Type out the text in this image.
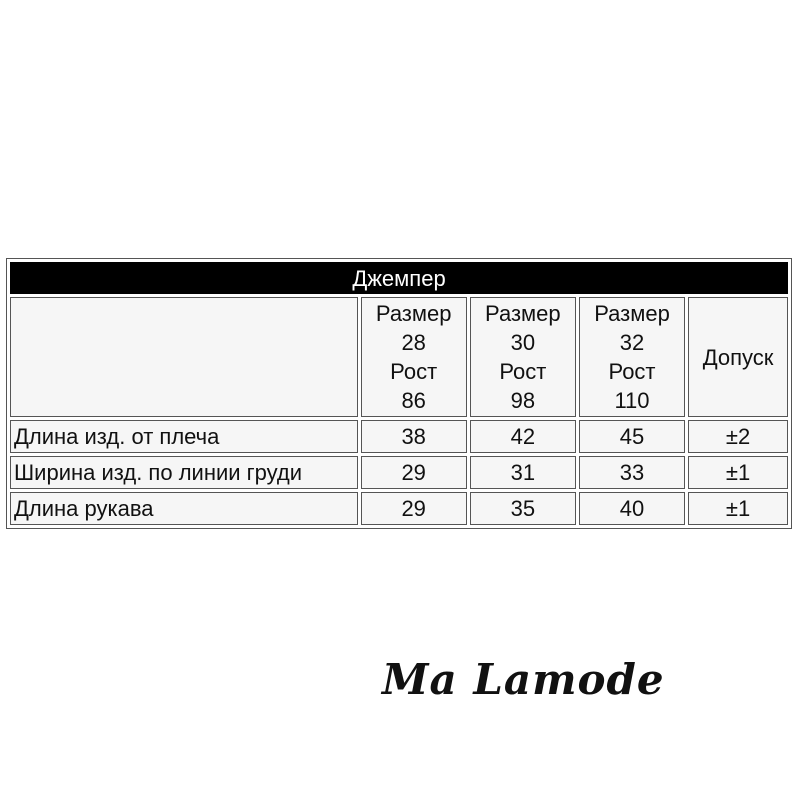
Джемпер				

	Размер
28
Рост
86	Размер
30
Рост
98	Размер
32
Рост
110	Допуск
Длина изд. от плеча	38	42	45	±2
Ширина изд. по линии груди	29	31	33	±1
Длина рукава	29	35	40	±1
Ma Lamode
